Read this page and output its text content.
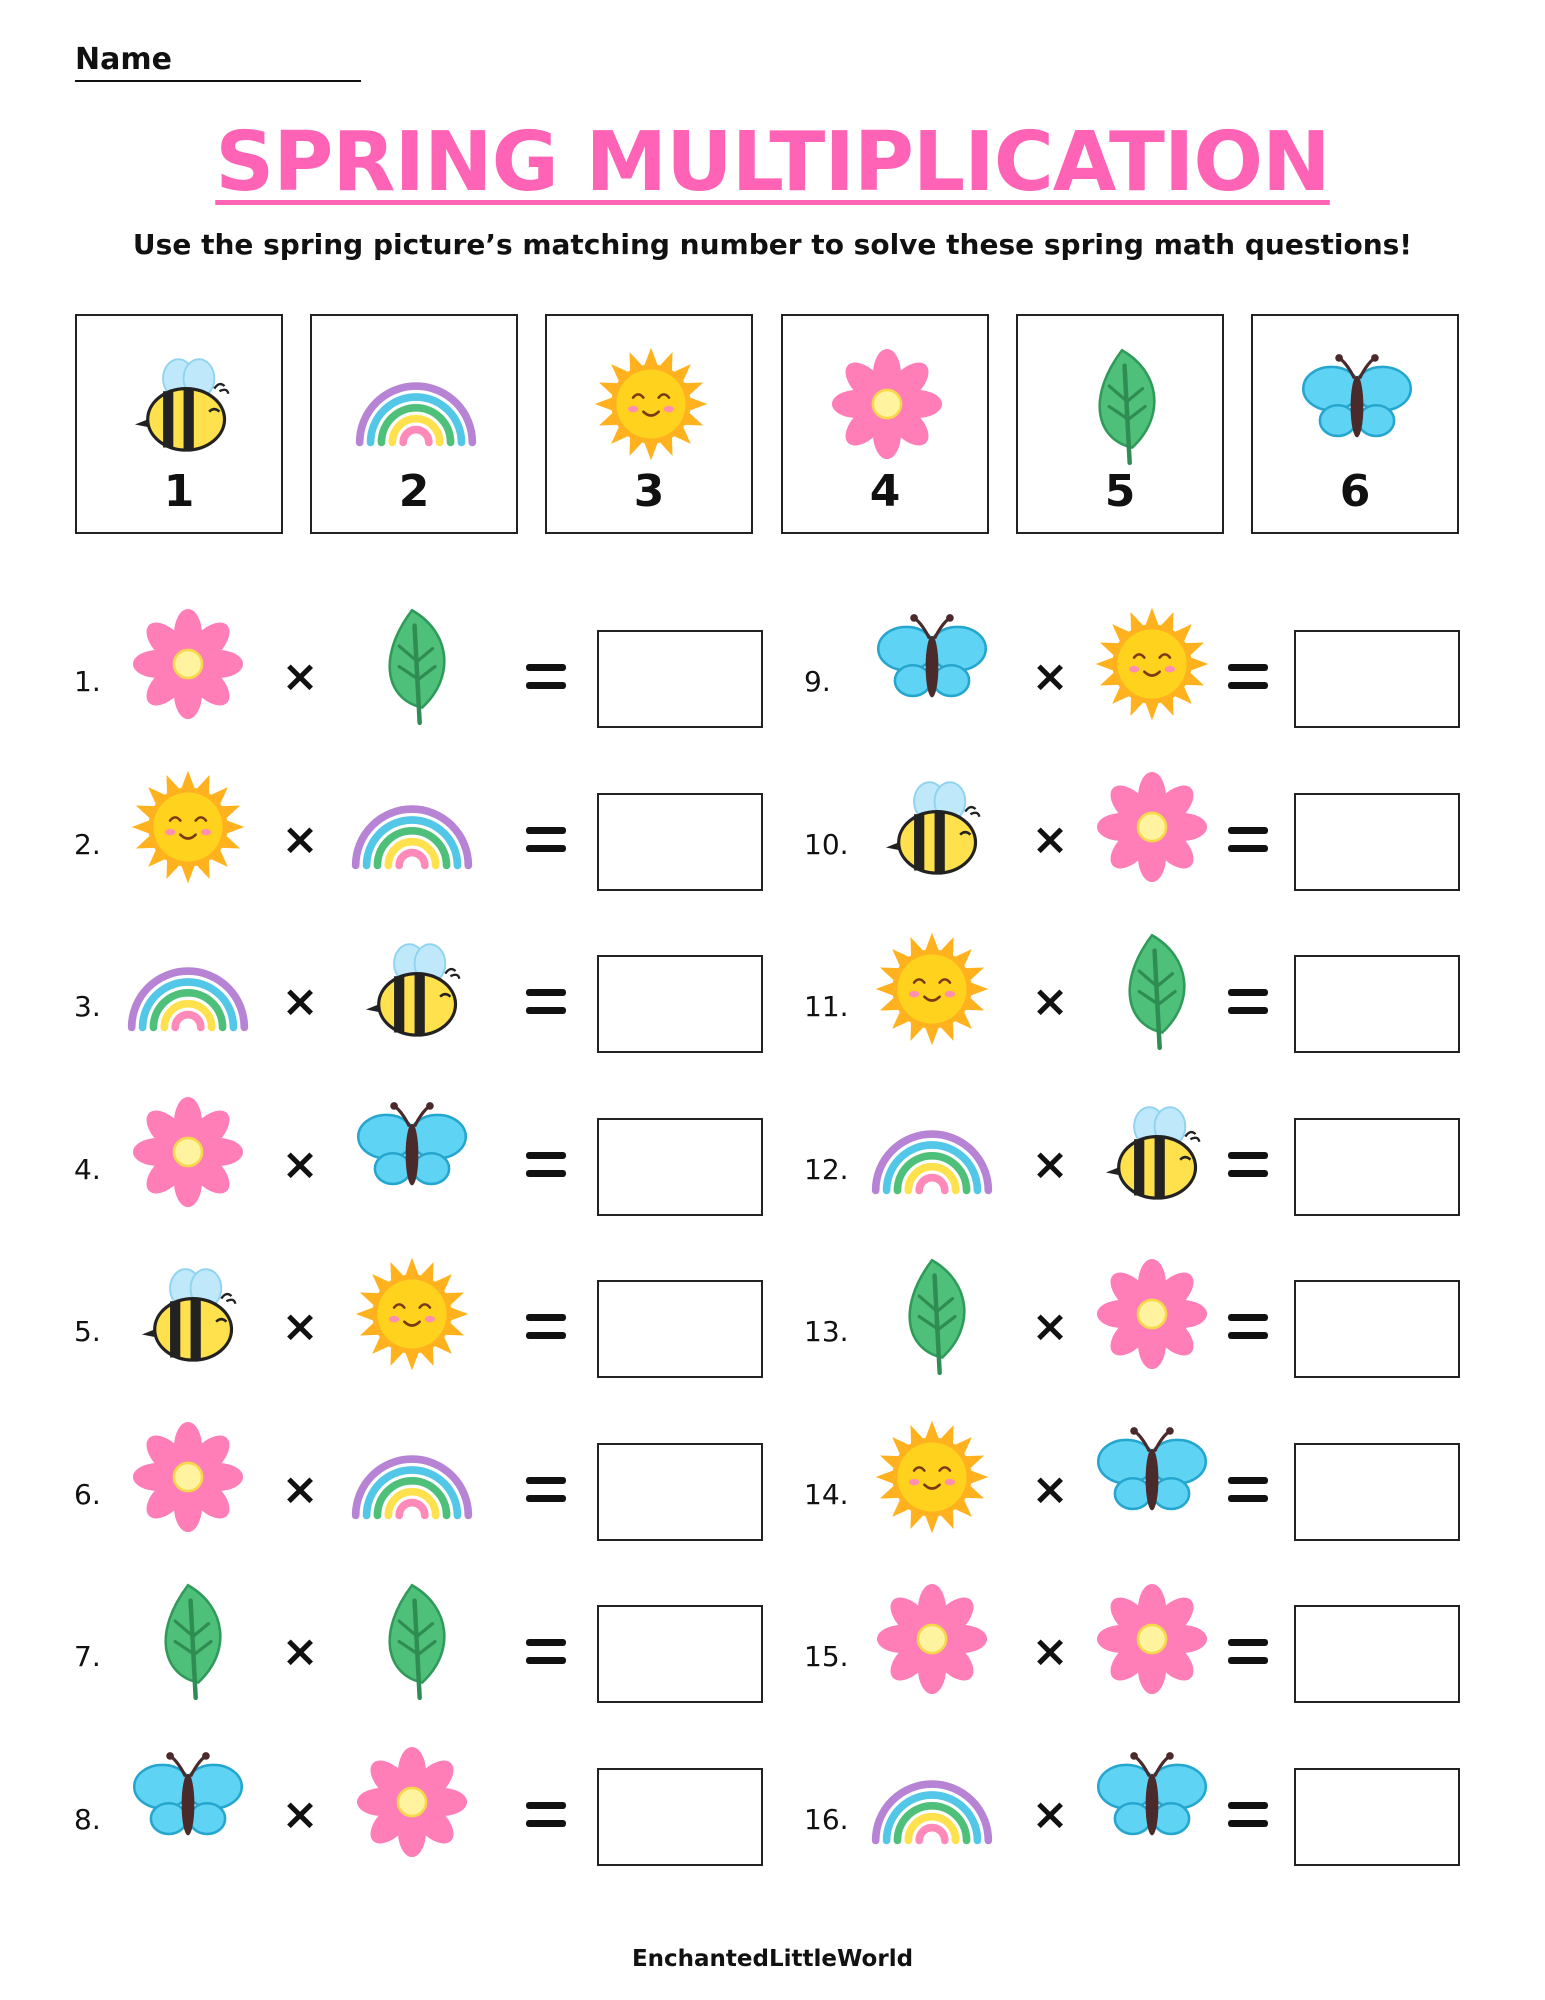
Name
SPRING MULTIPLICATION
Use the spring picture’s matching number to solve these spring math questions!
1	2	3	4	5	6
1.	×
2.	×
3.	×
4.	×
5.	×
6.	×
7.	×
8.	×
9.	×
10.	×
11.	×
12.	×
13.	×
14.	×
15.	×
16.	×
EnchantedLittleWorld
